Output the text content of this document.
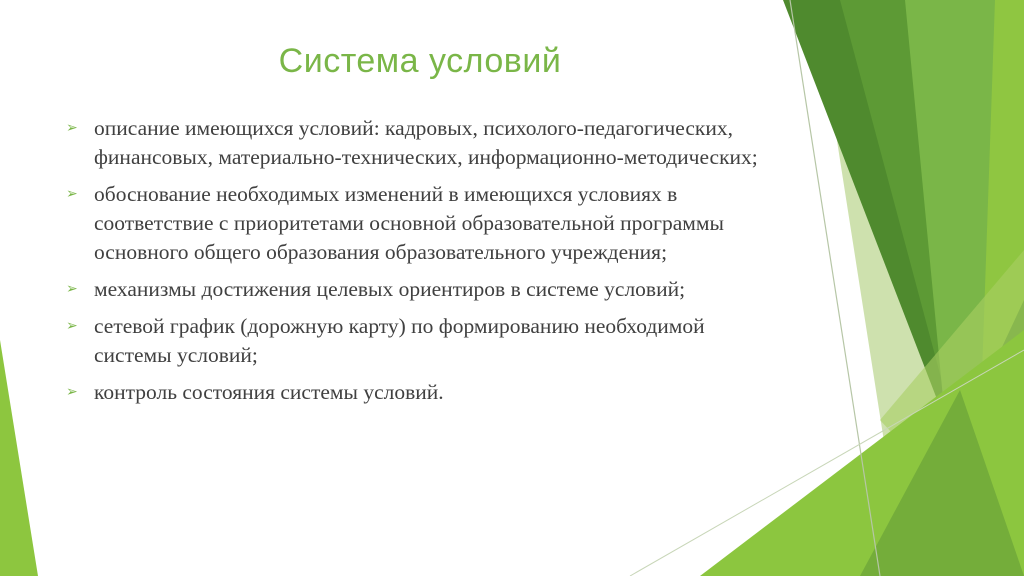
Система условий
➢ описание имеющихся условий: кадровых, психолого-педагогических, финансовых, материально-технических, информационно-методических;
➢ обоснование необходимых изменений в имеющихся условиях в соответствие с приоритетами основной образовательной программы основного общего образования образовательного учреждения;
➢ механизмы достижения целевых ориентиров в системе условий;
➢ сетевой график (дорожную карту) по формированию необходимой системы условий;
➢ контроль состояния системы условий.
